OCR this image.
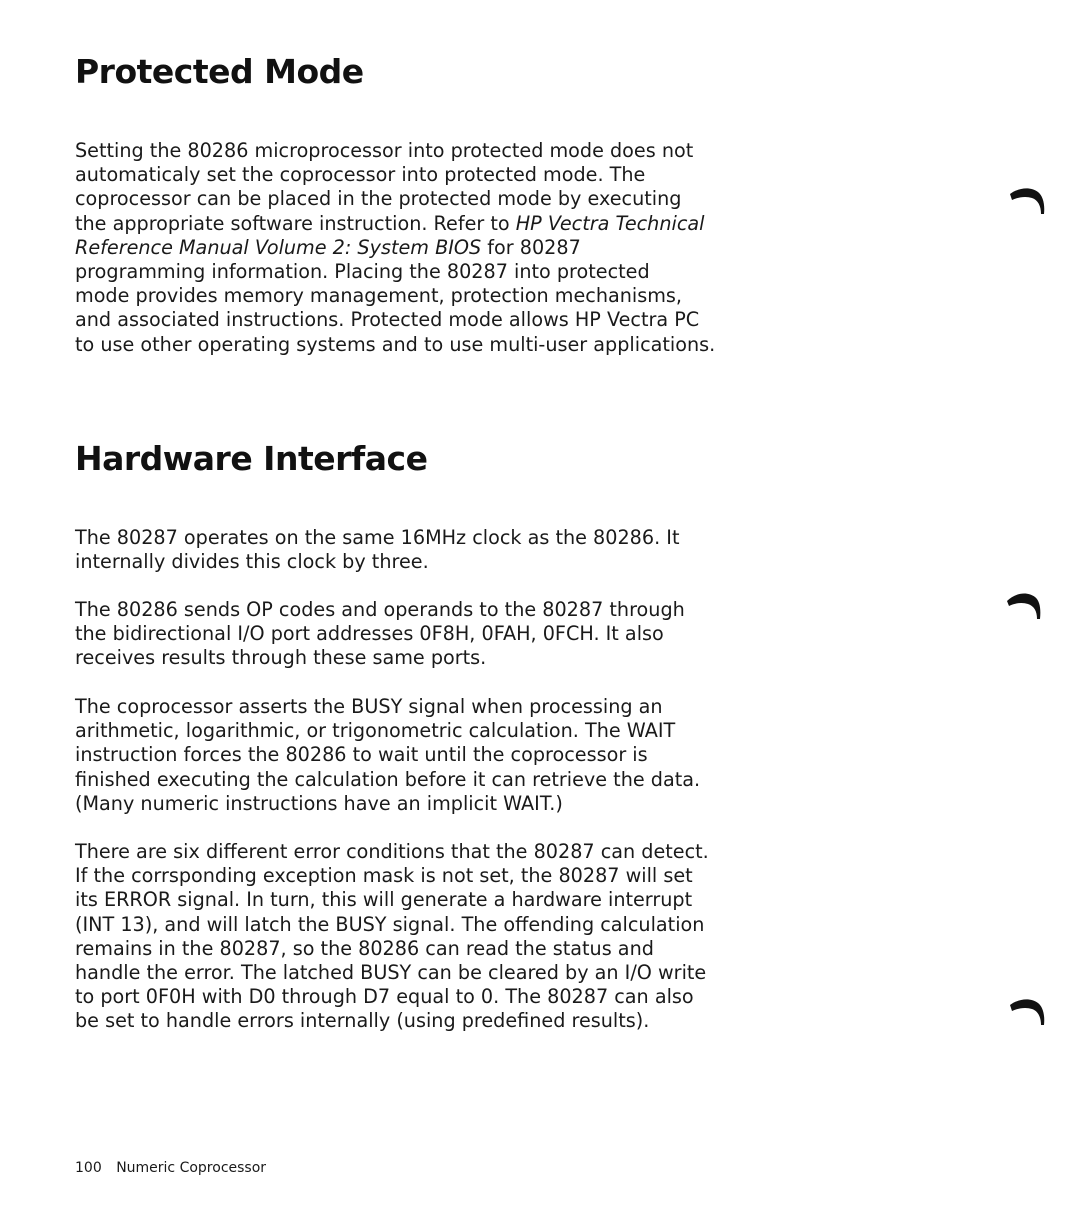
Protected Mode

Setting the 80286 microprocessor into protected mode does not
automaticaly set the coprocessor into protected mode. The
coprocessor can be placed in the protected mode by executing
the appropriate software instruction. Refer to HP Vectra Technical
Reference Manual Volume 2: System BIOS for 80287
programming information. Placing the 80287 into protected
mode provides memory management, protection mechanisms,
and associated instructions. Protected mode allows HP Vectra PC
to use other operating systems and to use multi-user applications.

Hardware Interface

The 80287 operates on the same 16MHz clock as the 80286. It
internally divides this clock by three.

The 80286 sends OP codes and operands to the 80287 through
the bidirectional I/O port addresses 0F8H, 0FAH, 0FCH. It also
receives results through these same ports.

The coprocessor asserts the BUSY signal when processing an
arithmetic, logarithmic, or trigonometric calculation. The WAIT
instruction forces the 80286 to wait until the coprocessor is
finished executing the calculation before it can retrieve the data.
(Many numeric instructions have an implicit WAIT.)

There are six different error conditions that the 80287 can detect.
If the corrsponding exception mask is not set, the 80287 will set
its ERROR signal. In turn, this will generate a hardware interrupt
(INT 13), and will latch the BUSY signal. The offending calculation
remains in the 80287, so the 80286 can read the status and
handle the error. The latched BUSY can be cleared by an I/O write
to port 0F0H with D0 through D7 equal to 0. The 80287 can also
be set to handle errors internally (using predefined results).

100 Numeric Coprocessor
